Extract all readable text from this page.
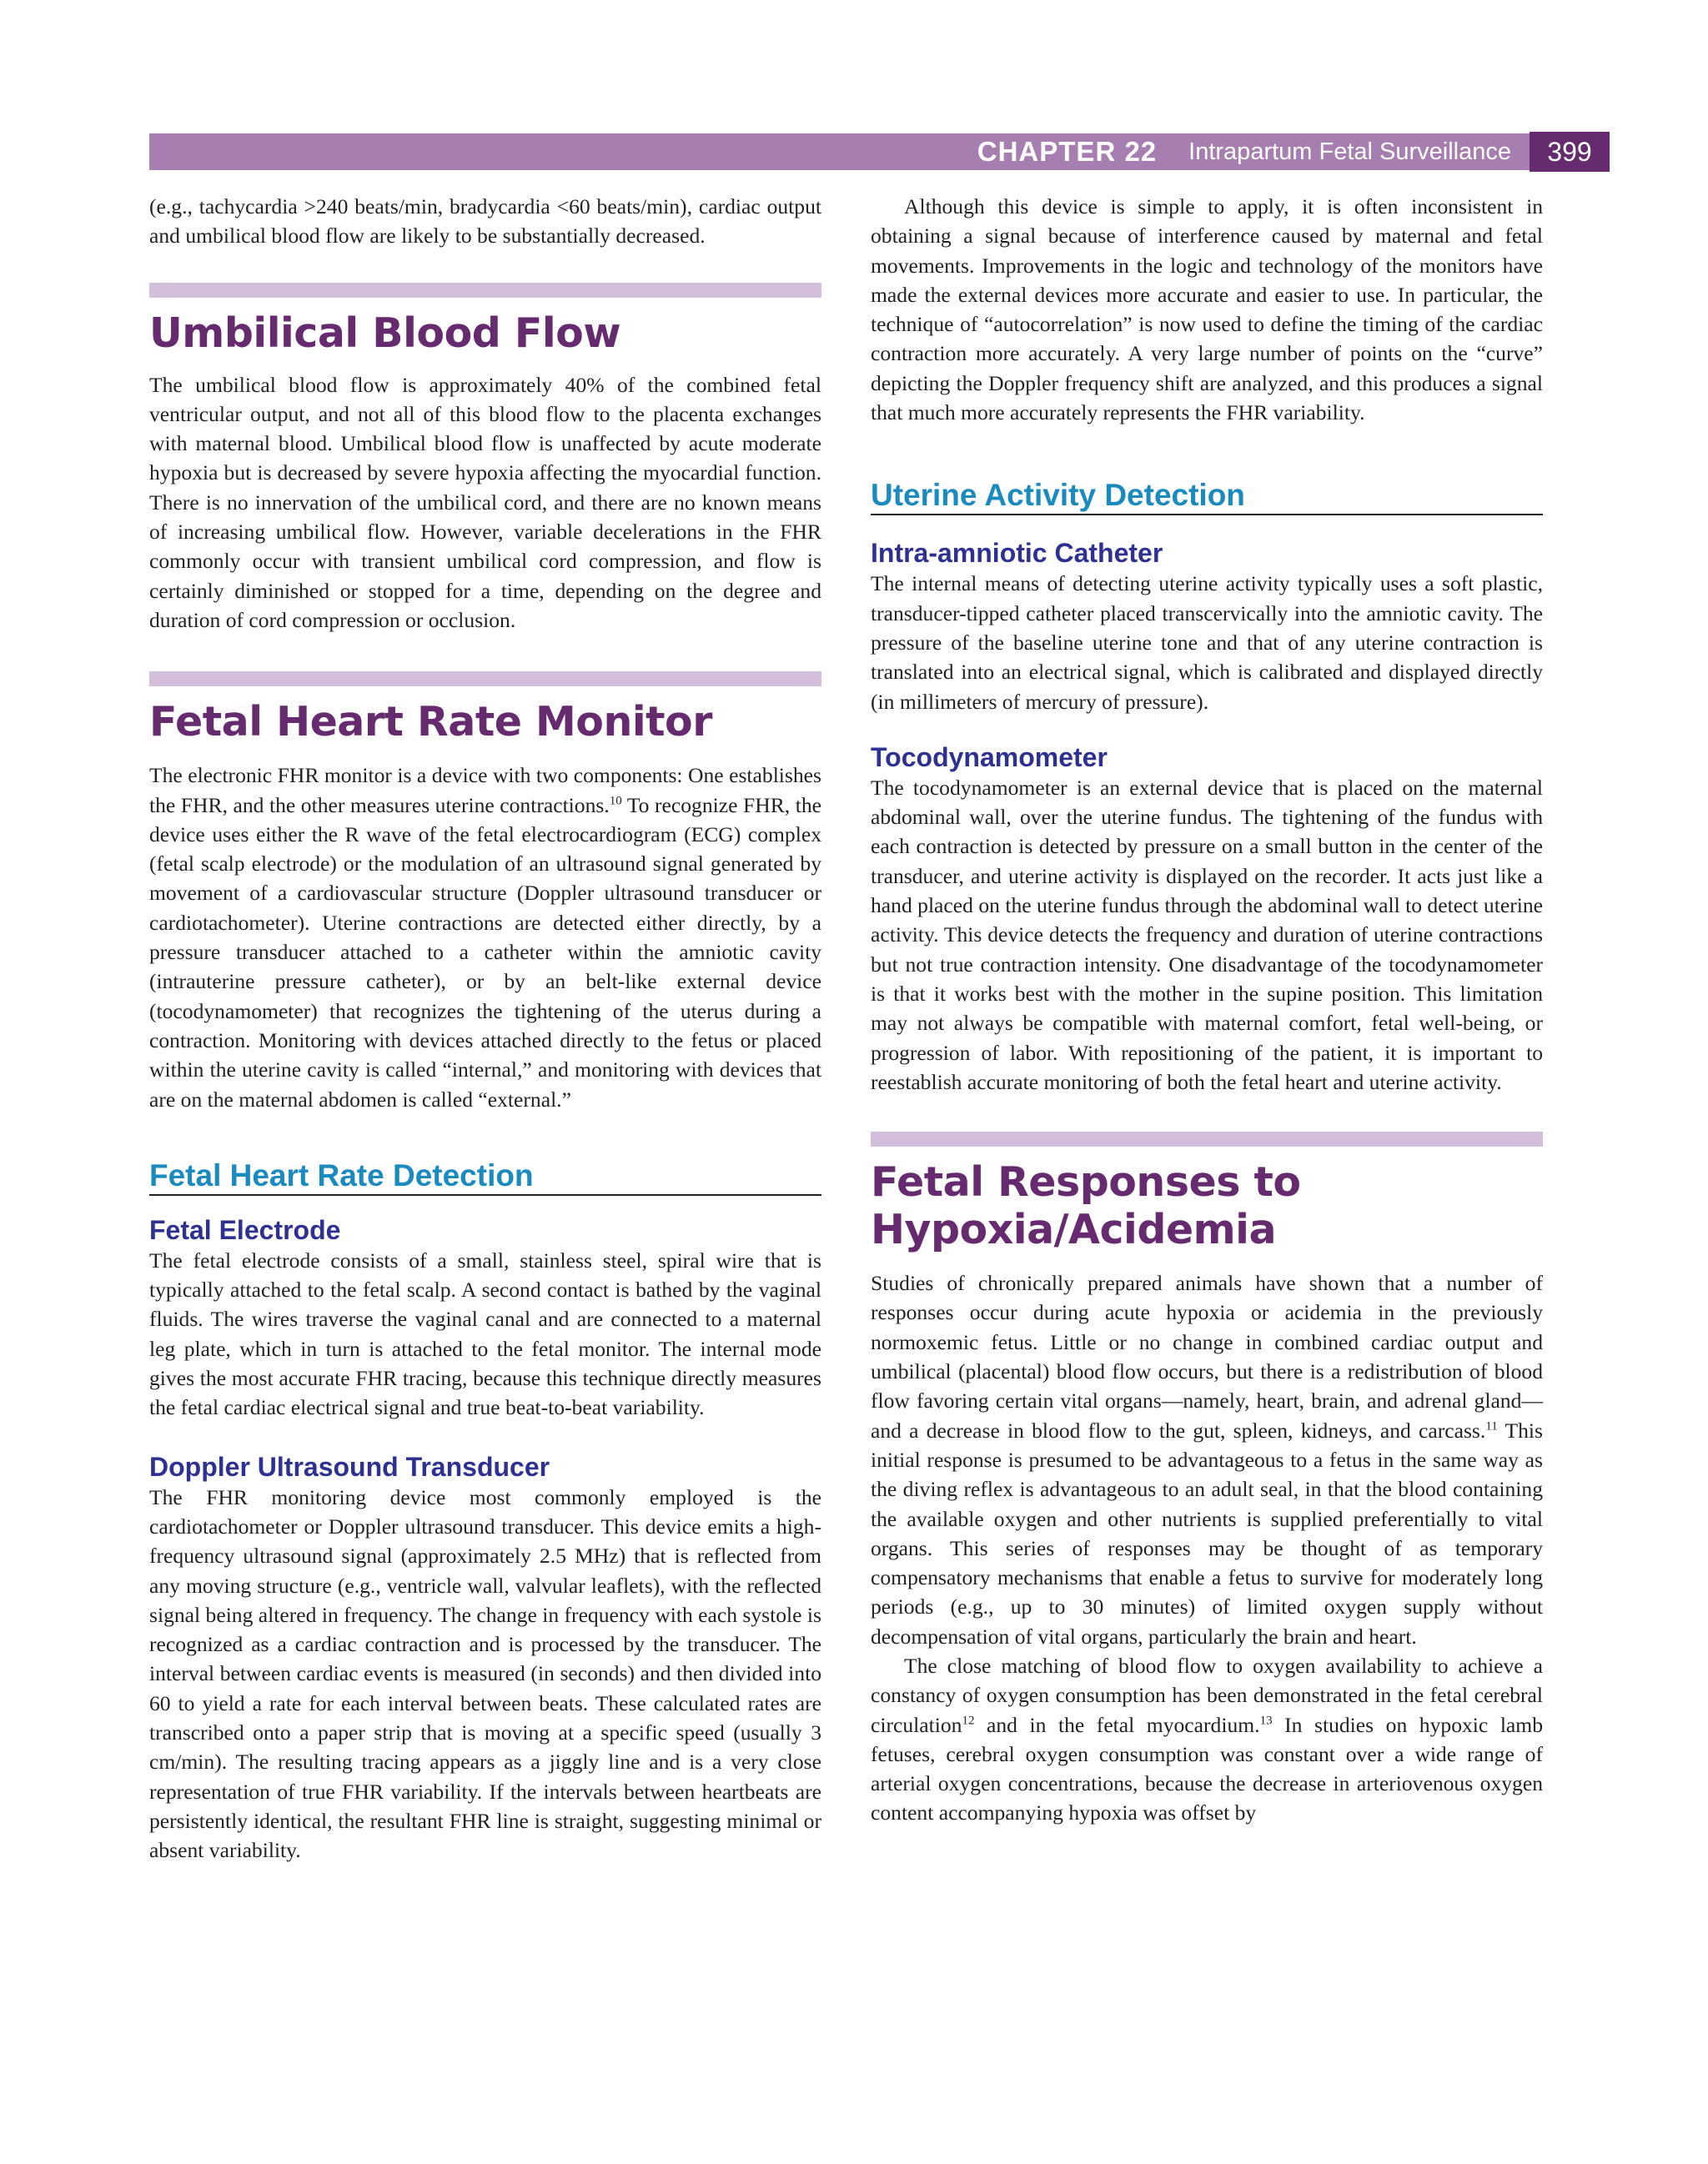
CHAPTER 22 Intrapartum Fetal Surveillance	399

(e.g., tachycardia >240 beats/min, bradycardia <60 beats/min), cardiac output and umbilical blood flow are likely to be substantially decreased.

Umbilical Blood Flow

The umbilical blood flow is approximately 40% of the combined fetal ventricular output, and not all of this blood flow to the placenta exchanges with maternal blood. Umbilical blood flow is unaffected by acute moderate hypoxia but is decreased by severe hypoxia affecting the myocardial function. There is no innervation of the umbilical cord, and there are no known means of increasing umbilical flow. However, variable decelerations in the FHR commonly occur with transient umbilical cord compression, and flow is certainly diminished or stopped for a time, depending on the degree and duration of cord compression or occlusion.

Fetal Heart Rate Monitor

The electronic FHR monitor is a device with two components: One establishes the FHR, and the other measures uterine contractions.$^{10}$ To recognize FHR, the device uses either the R wave of the fetal electrocardiogram (ECG) complex (fetal scalp electrode) or the modulation of an ultrasound signal generated by movement of a cardiovascular structure (Doppler ultrasound transducer or cardiotachometer). Uterine contractions are detected either directly, by a pressure transducer attached to a catheter within the amniotic cavity (intrauterine pressure catheter), or by an belt-like external device (tocodynamometer) that recognizes the tightening of the uterus during a contraction. Monitoring with devices attached directly to the fetus or placed within the uterine cavity is called “internal,” and monitoring with devices that are on the maternal abdomen is called “external.”

Fetal Heart Rate Detection
Fetal Electrode

The fetal electrode consists of a small, stainless steel, spiral wire that is typically attached to the fetal scalp. A second contact is bathed by the vaginal fluids. The wires traverse the vaginal canal and are connected to a maternal leg plate, which in turn is attached to the fetal monitor. The internal mode gives the most accurate FHR tracing, because this technique directly measures the fetal cardiac electrical signal and true beat-to-beat variability.

Doppler Ultrasound Transducer

The FHR monitoring device most commonly employed is the cardiotachometer or Doppler ultrasound transducer. This device emits a high-frequency ultrasound signal (approximately 2.5 MHz) that is reflected from any moving structure (e.g., ventricle wall, valvular leaflets), with the reflected signal being altered in frequency. The change in frequency with each systole is recognized as a cardiac contraction and is processed by the transducer. The interval between cardiac events is measured (in seconds) and then divided into 60 to yield a rate for each interval between beats. These calculated rates are transcribed onto a paper strip that is moving at a specific speed (usually 3 cm/min). The resulting tracing appears as a jiggly line and is a very close representation of true FHR variability. If the intervals between heartbeats are persistently identical, the resultant FHR line is straight, suggesting minimal or absent variability.

Although this device is simple to apply, it is often inconsistent in obtaining a signal because of interference caused by maternal and fetal movements. Improvements in the logic and technology of the monitors have made the external devices more accurate and easier to use. In particular, the technique of “autocorrelation” is now used to define the timing of the cardiac contraction more accurately. A very large number of points on the “curve” depicting the Doppler frequency shift are analyzed, and this produces a signal that much more accurately represents the FHR variability.

Uterine Activity Detection
Intra-amniotic Catheter

The internal means of detecting uterine activity typically uses a soft plastic, transducer-tipped catheter placed transcervically into the amniotic cavity. The pressure of the baseline uterine tone and that of any uterine contraction is translated into an electrical signal, which is calibrated and displayed directly (in millimeters of mercury of pressure).

Tocodynamometer

The tocodynamometer is an external device that is placed on the maternal abdominal wall, over the uterine fundus. The tightening of the fundus with each contraction is detected by pressure on a small button in the center of the transducer, and uterine activity is displayed on the recorder. It acts just like a hand placed on the uterine fundus through the abdominal wall to detect uterine activity. This device detects the frequency and duration of uterine contractions but not true contraction intensity. One disadvantage of the tocodynamometer is that it works best with the mother in the supine position. This limitation may not always be compatible with maternal comfort, fetal well-being, or progression of labor. With repositioning of the patient, it is important to reestablish accurate monitoring of both the fetal heart and uterine activity.

Fetal Responses to
Hypoxia/Acidemia

Studies of chronically prepared animals have shown that a number of responses occur during acute hypoxia or acidemia in the previously normoxemic fetus. Little or no change in combined cardiac output and umbilical (placental) blood flow occurs, but there is a redistribution of blood flow favoring certain vital organs—namely, heart, brain, and adrenal gland—and a decrease in blood flow to the gut, spleen, kidneys, and carcass.$^{11}$ This initial response is presumed to be advantageous to a fetus in the same way as the diving reflex is advantageous to an adult seal, in that the blood containing the available oxygen and other nutrients is supplied preferentially to vital organs. This series of responses may be thought of as temporary compensatory mechanisms that enable a fetus to survive for moderately long periods (e.g., up to 30 minutes) of limited oxygen supply without decompensation of vital organs, particularly the brain and heart.

The close matching of blood flow to oxygen availability to achieve a constancy of oxygen consumption has been demonstrated in the fetal cerebral circulation$^{12}$ and in the fetal myocardium.$^{13}$ In studies on hypoxic lamb fetuses, cerebral oxygen consumption was constant over a wide range of arterial oxygen concentrations, because the decrease in arteriovenous oxygen content accompanying hypoxia was offset by
